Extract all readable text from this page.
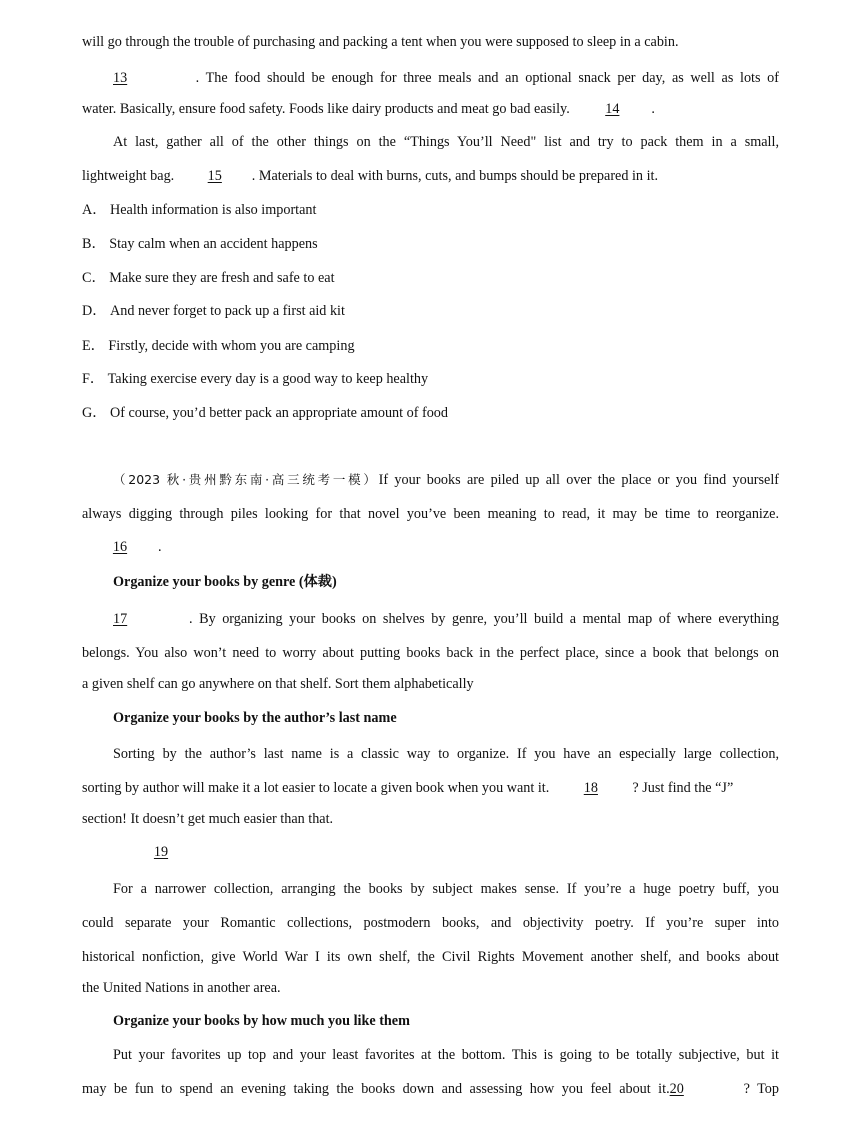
will go through the trouble of purchasing and packing a tent when you were supposed to sleep in a cabin.
13	. The food should be enough for three meals and an optional snack per day, as well as lots of
water. Basically, ensure food safety. Foods like dairy products and meat go bad easily. 14 .
At last, gather all of the other things on the “Things You’ll Need" list and try to pack them in a small,
lightweight bag. 15 . Materials to deal with burns, cuts, and bumps should be prepared in it.
A． Health information is also important
B． Stay calm when an accident happens
C． Make sure they are fresh and safe to eat
D． And never forget to pack up a first aid kit
E． Firstly, decide with whom you are camping
F． Taking exercise every day is a good way to keep healthy
G． Of course, you’d better pack an appropriate amount of food
（2023 秋·贵州黔东南·高三统考一模）If your books are piled up all over the place or you find yourself
always digging through piles looking for that novel you’ve been meaning to read, it may be time to reorganize.
16 .
Organize your books by genre (体裁)
17	. By organizing your books on shelves by genre, you’ll build a mental map of where everything
belongs. You also won’t need to worry about putting books back in the perfect place, since a book that belongs on
a given shelf can go anywhere on that shelf. Sort them alphabetically
Organize your books by the author’s last name
Sorting by the author’s last name is a classic way to organize. If you have an especially large collection,
sorting by author will make it a lot easier to locate a given book when you want it. 18 ? Just find the “J”
section! It doesn’t get much easier than that.
19
For a narrower collection, arranging the books by subject makes sense. If you’re a huge poetry buff, you
could separate your Romantic collections, postmodern books, and objectivity poetry. If you’re super into
historical nonfiction, give World War I its own shelf, the Civil Rights Movement another shelf, and books about
the United Nations in another area.
Organize your books by how much you like them
Put your favorites up top and your least favorites at the bottom. This is going to be totally subjective, but it
may be fun to spend an evening taking the books down and assessing how you feel about it.20	? Top
